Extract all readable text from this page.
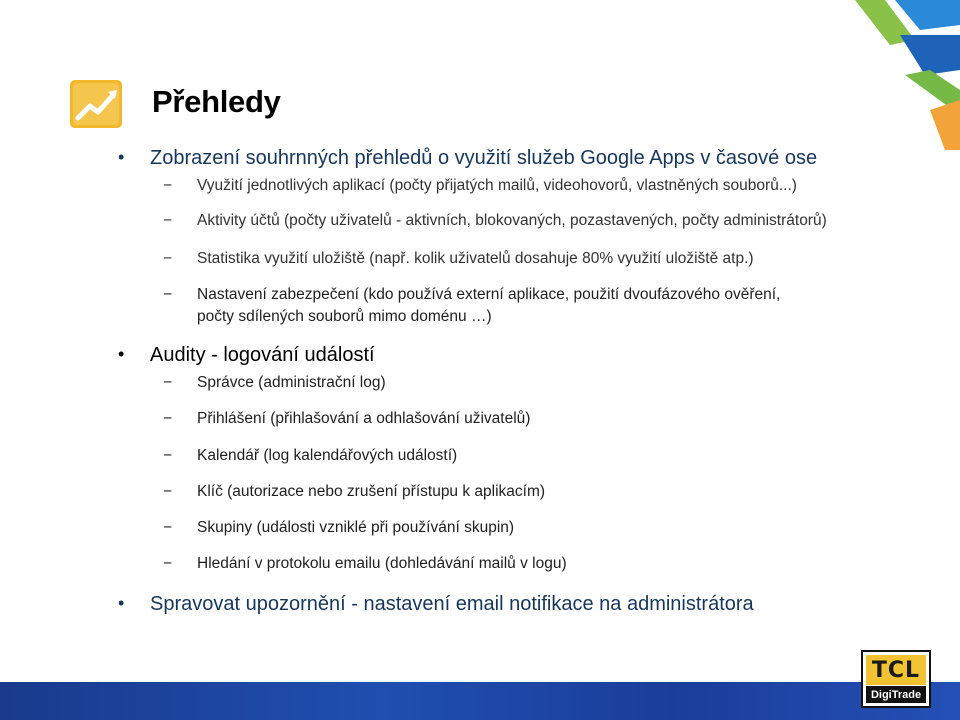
Přehledy
• Zobrazení souhrnných přehledů o využití služeb Google Apps v časové ose
− Využití jednotlivých aplikací (počty přijatých mailů, videohovorů, vlastněných souborů...)
− Aktivity účtů (počty uživatelů - aktivních, blokovaných, pozastavených, počty administrátorů)
− Statistika využití uložiště (např. kolik uživatelů dosahuje 80% využití uložiště atp.)
− Nastavení zabezpečení (kdo používá externí aplikace, použití dvoufázového ověření,
počty sdílených souborů mimo doménu …)
• Audity - logování událostí
− Správce (administrační log)
− Přihlášení (přihlašování a odhlašování uživatelů)
− Kalendář (log kalendářových událostí)
− Klíč (autorizace nebo zrušení přístupu k aplikacím)
− Skupiny (události vzniklé při používání skupin)
− Hledání v protokolu emailu (dohledávání mailů v logu)
• Spravovat upozornění - nastavení email notifikace na administrátora
TCL
DigiTrade
